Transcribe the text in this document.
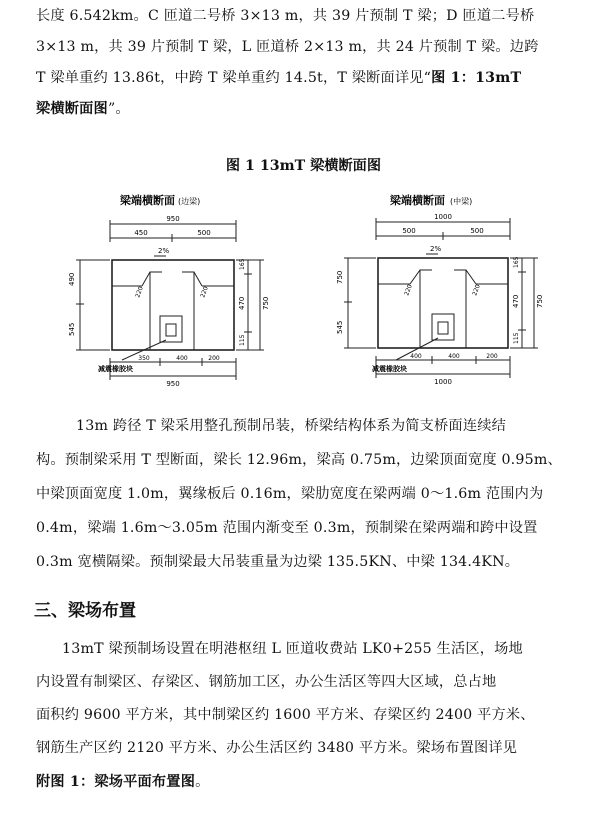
长度 6.542km。C 匝道二号桥 3×13 m，共 39 片预制 T 梁；D 匝道二号桥
3×13 m，共 39 片预制 T 梁，L 匝道桥 2×13 m，共 24 片预制 T 梁。边跨
T 梁单重约 13.86t，中跨 T 梁单重约 14.5t，T 梁断面详见“图 1：13mT
梁横断面图”。
图 1 13mT 梁横断面图
梁端横断面 (边梁)
950
450	500
2%
490
545
165
470 750
115
220	220
减震橡胶块
350	400	200
950
梁端横断面 (中梁)
1000
500	500
2%
750
545
165
470 750
115
220	220
减震橡胶块
400	400	200
1000
13m 跨径 T 梁采用整孔预制吊装，桥梁结构体系为简支桥面连续结
构。预制梁采用 T 型断面，梁长 12.96m，梁高 0.75m，边梁顶面宽度 0.95m、
中梁顶面宽度 1.0m，翼缘板后 0.16m，梁肋宽度在梁两端 0～1.6m 范围内为
0.4m，梁端 1.6m～3.05m 范围内渐变至 0.3m，预制梁在梁两端和跨中设置
0.3m 宽横隔梁。预制梁最大吊装重量为边梁 135.5KN、中梁 134.4KN。
三、梁场布置
13mT 梁预制场设置在明港枢纽 L 匝道收费站 LK0+255 生活区，场地
内设置有制梁区、存梁区、钢筋加工区，办公生活区等四大区域，总占地
面积约 9600 平方米，其中制梁区约 1600 平方米、存梁区约 2400 平方米、
钢筋生产区约 2120 平方米、办公生活区约 3480 平方米。梁场布置图详见
附图 1：梁场平面布置图。
